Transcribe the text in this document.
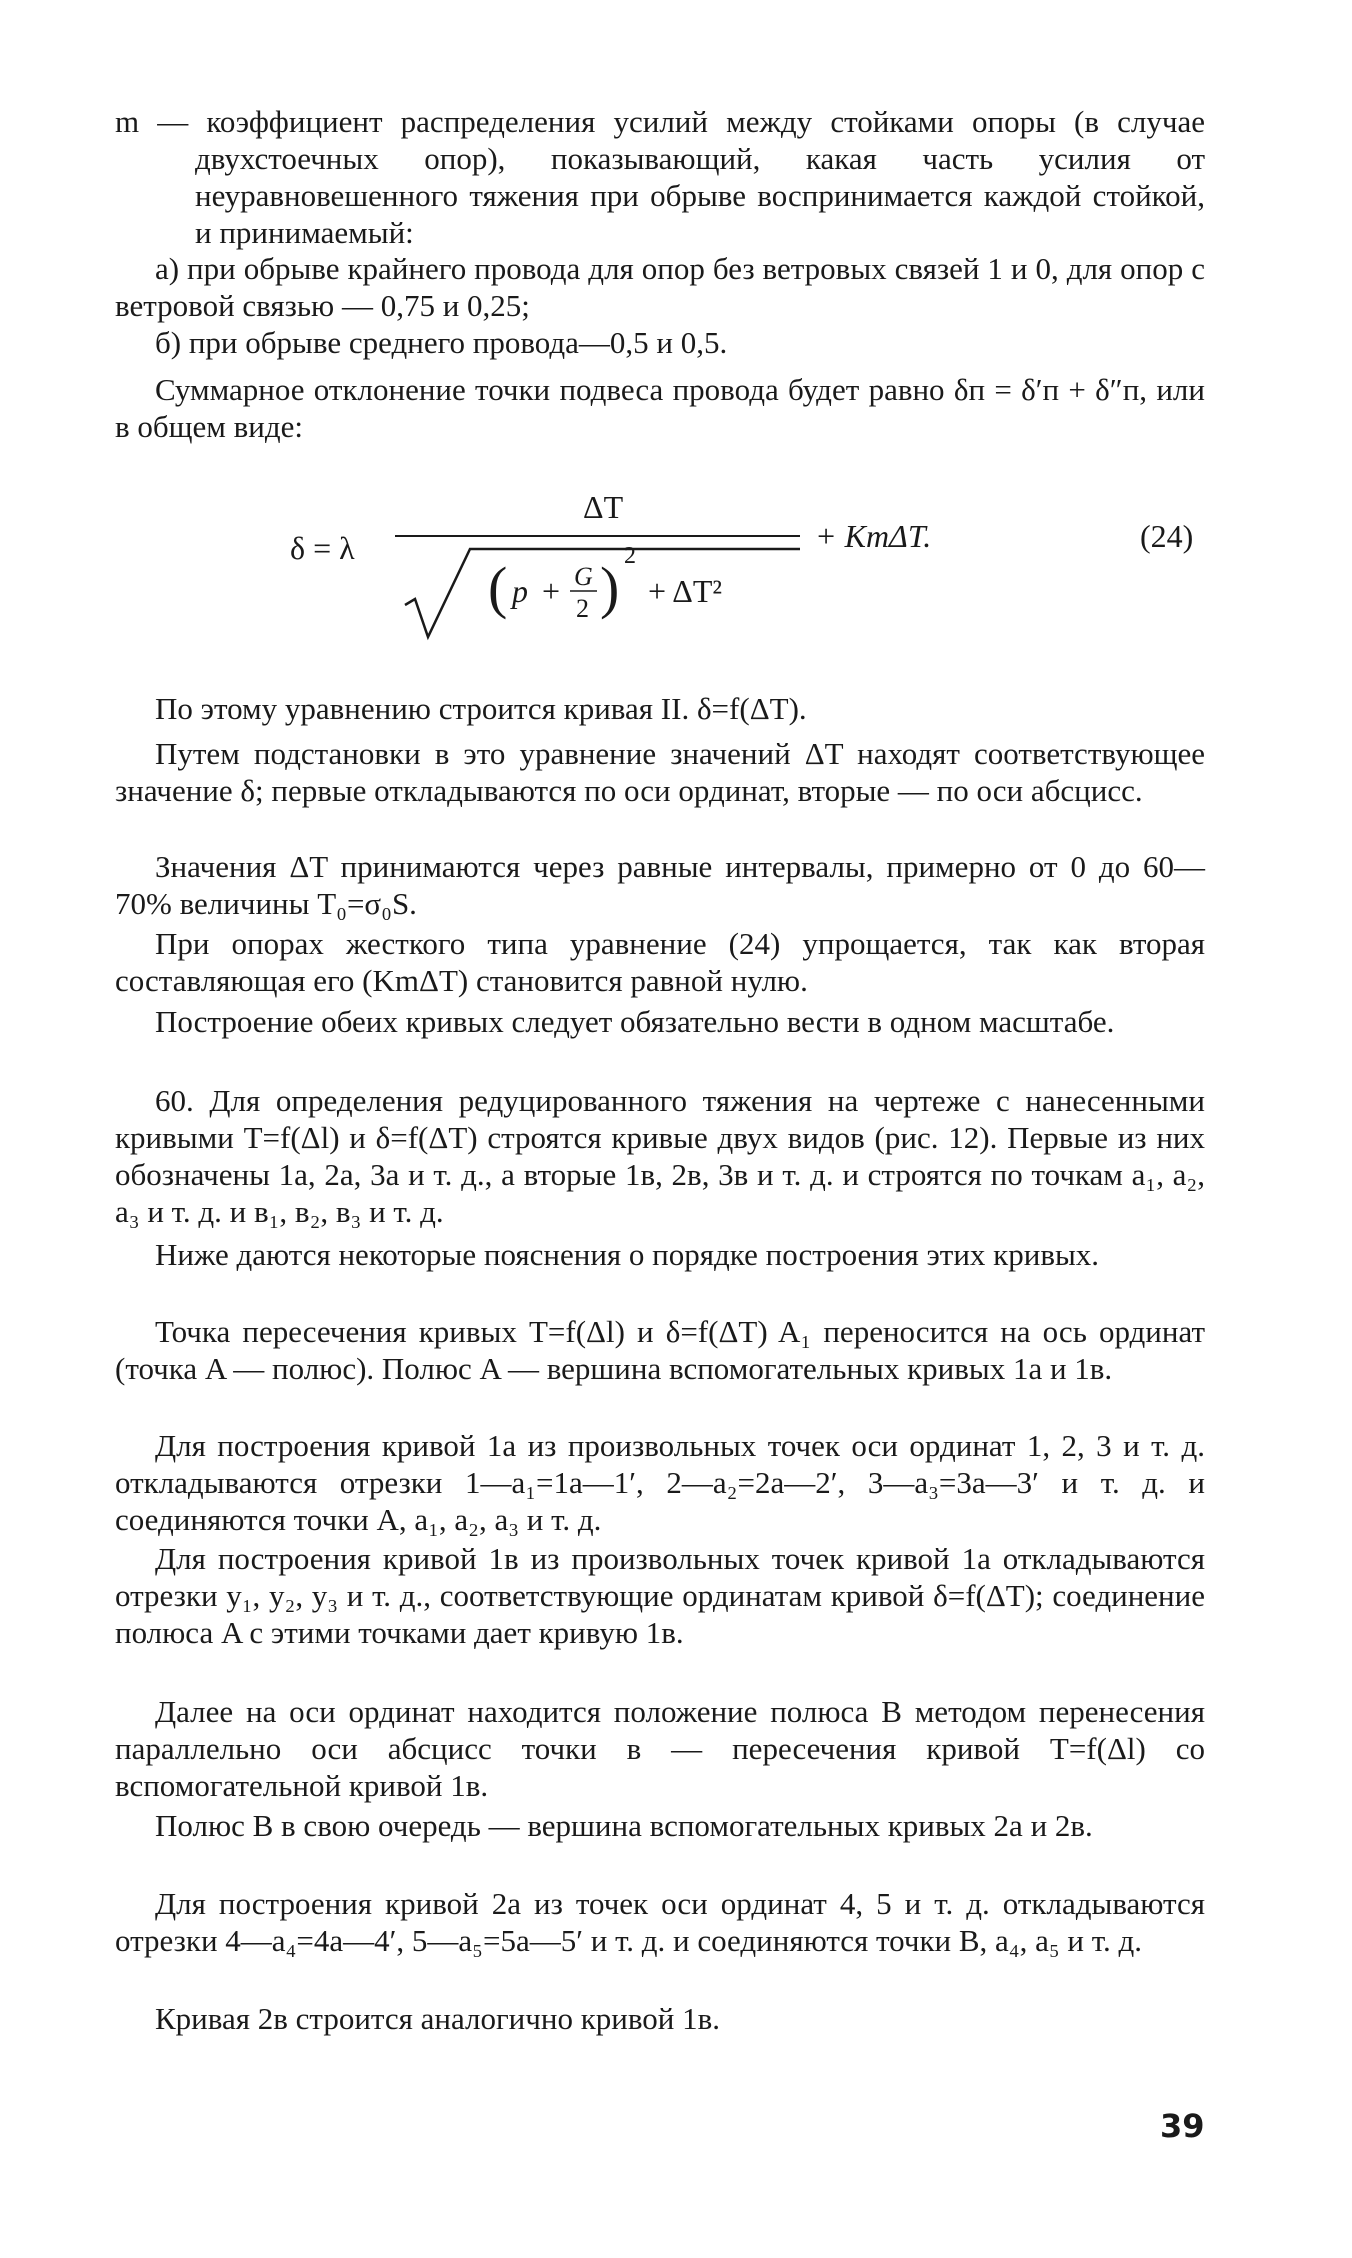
m — коэффициент распределения усилий между стойками опоры (в случае двухстоечных опор), показывающий, какая часть усилия от неуравновешенного тяжения при обрыве воспринимается каждой стойкой, и принимаемый:
а) при обрыве крайнего провода для опор без ветровых связей 1 и 0, для опор с ветровой связью — 0,75 и 0,25;
б) при обрыве среднего провода—0,5 и 0,5.
Суммарное отклонение точки подвеса провода будет равно δп = δ′п + δ″п, или в общем виде:
δ = λ
ΔT
( p + G
2 ) 2
+ ΔT²
+ KmΔT.	(24)
По этому уравнению строится кривая II. δ=f(ΔT).
Путем подстановки в это уравнение значений ΔT находят соответствующее значение δ; первые откладываются по оси ординат, вторые — по оси абсцисс.
Значения ΔT принимаются через равные интервалы, примерно от 0 до 60—70% величины T₀=σ₀S.
При опорах жесткого типа уравнение (24) упрощается, так как вторая составляющая его (KmΔT) становится равной нулю.
Построение обеих кривых следует обязательно вести в одном масштабе.
60. Для определения редуцированного тяжения на чертеже с нанесенными кривыми T=f(Δl) и δ=f(ΔT) строятся кривые двух видов (рис. 12). Первые из них обозначены 1а, 2а, 3а и т. д., а вторые 1в, 2в, 3в и т. д. и строятся по точкам а₁, а₂, а₃ и т. д. и в₁, в₂, в₃ и т. д.
Ниже даются некоторые пояснения о порядке построения этих кривых.
Точка пересечения кривых T=f(Δl) и δ=f(ΔT) A₁ переносится на ось ординат (точка A — полюс). Полюс A — вершина вспомогательных кривых 1а и 1в.
Для построения кривой 1а из произвольных точек оси ординат 1, 2, 3 и т. д. откладываются отрезки 1—а₁=1а—1′, 2—а₂=2а—2′, 3—а₃=3а—3′ и т. д. и соединяются точки A, а₁, а₂, а₃ и т. д.
Для построения кривой 1в из произвольных точек кривой 1а откладываются отрезки y₁, y₂, y₃ и т. д., соответствующие ординатам кривой δ=f(ΔT); соединение полюса A с этими точками дает кривую 1в.
Далее на оси ординат находится положение полюса B методом перенесения параллельно оси абсцисс точки в — пересечения кривой T=f(Δl) со вспомогательной кривой 1в.
Полюс B в свою очередь — вершина вспомогательных кривых 2а и 2в.
Для построения кривой 2а из точек оси ординат 4, 5 и т. д. откладываются отрезки 4—а₄=4а—4′, 5—а₅=5а—5′ и т. д. и соединяются точки B, а₄, а₅ и т. д.
Кривая 2в строится аналогично кривой 1в.
39
